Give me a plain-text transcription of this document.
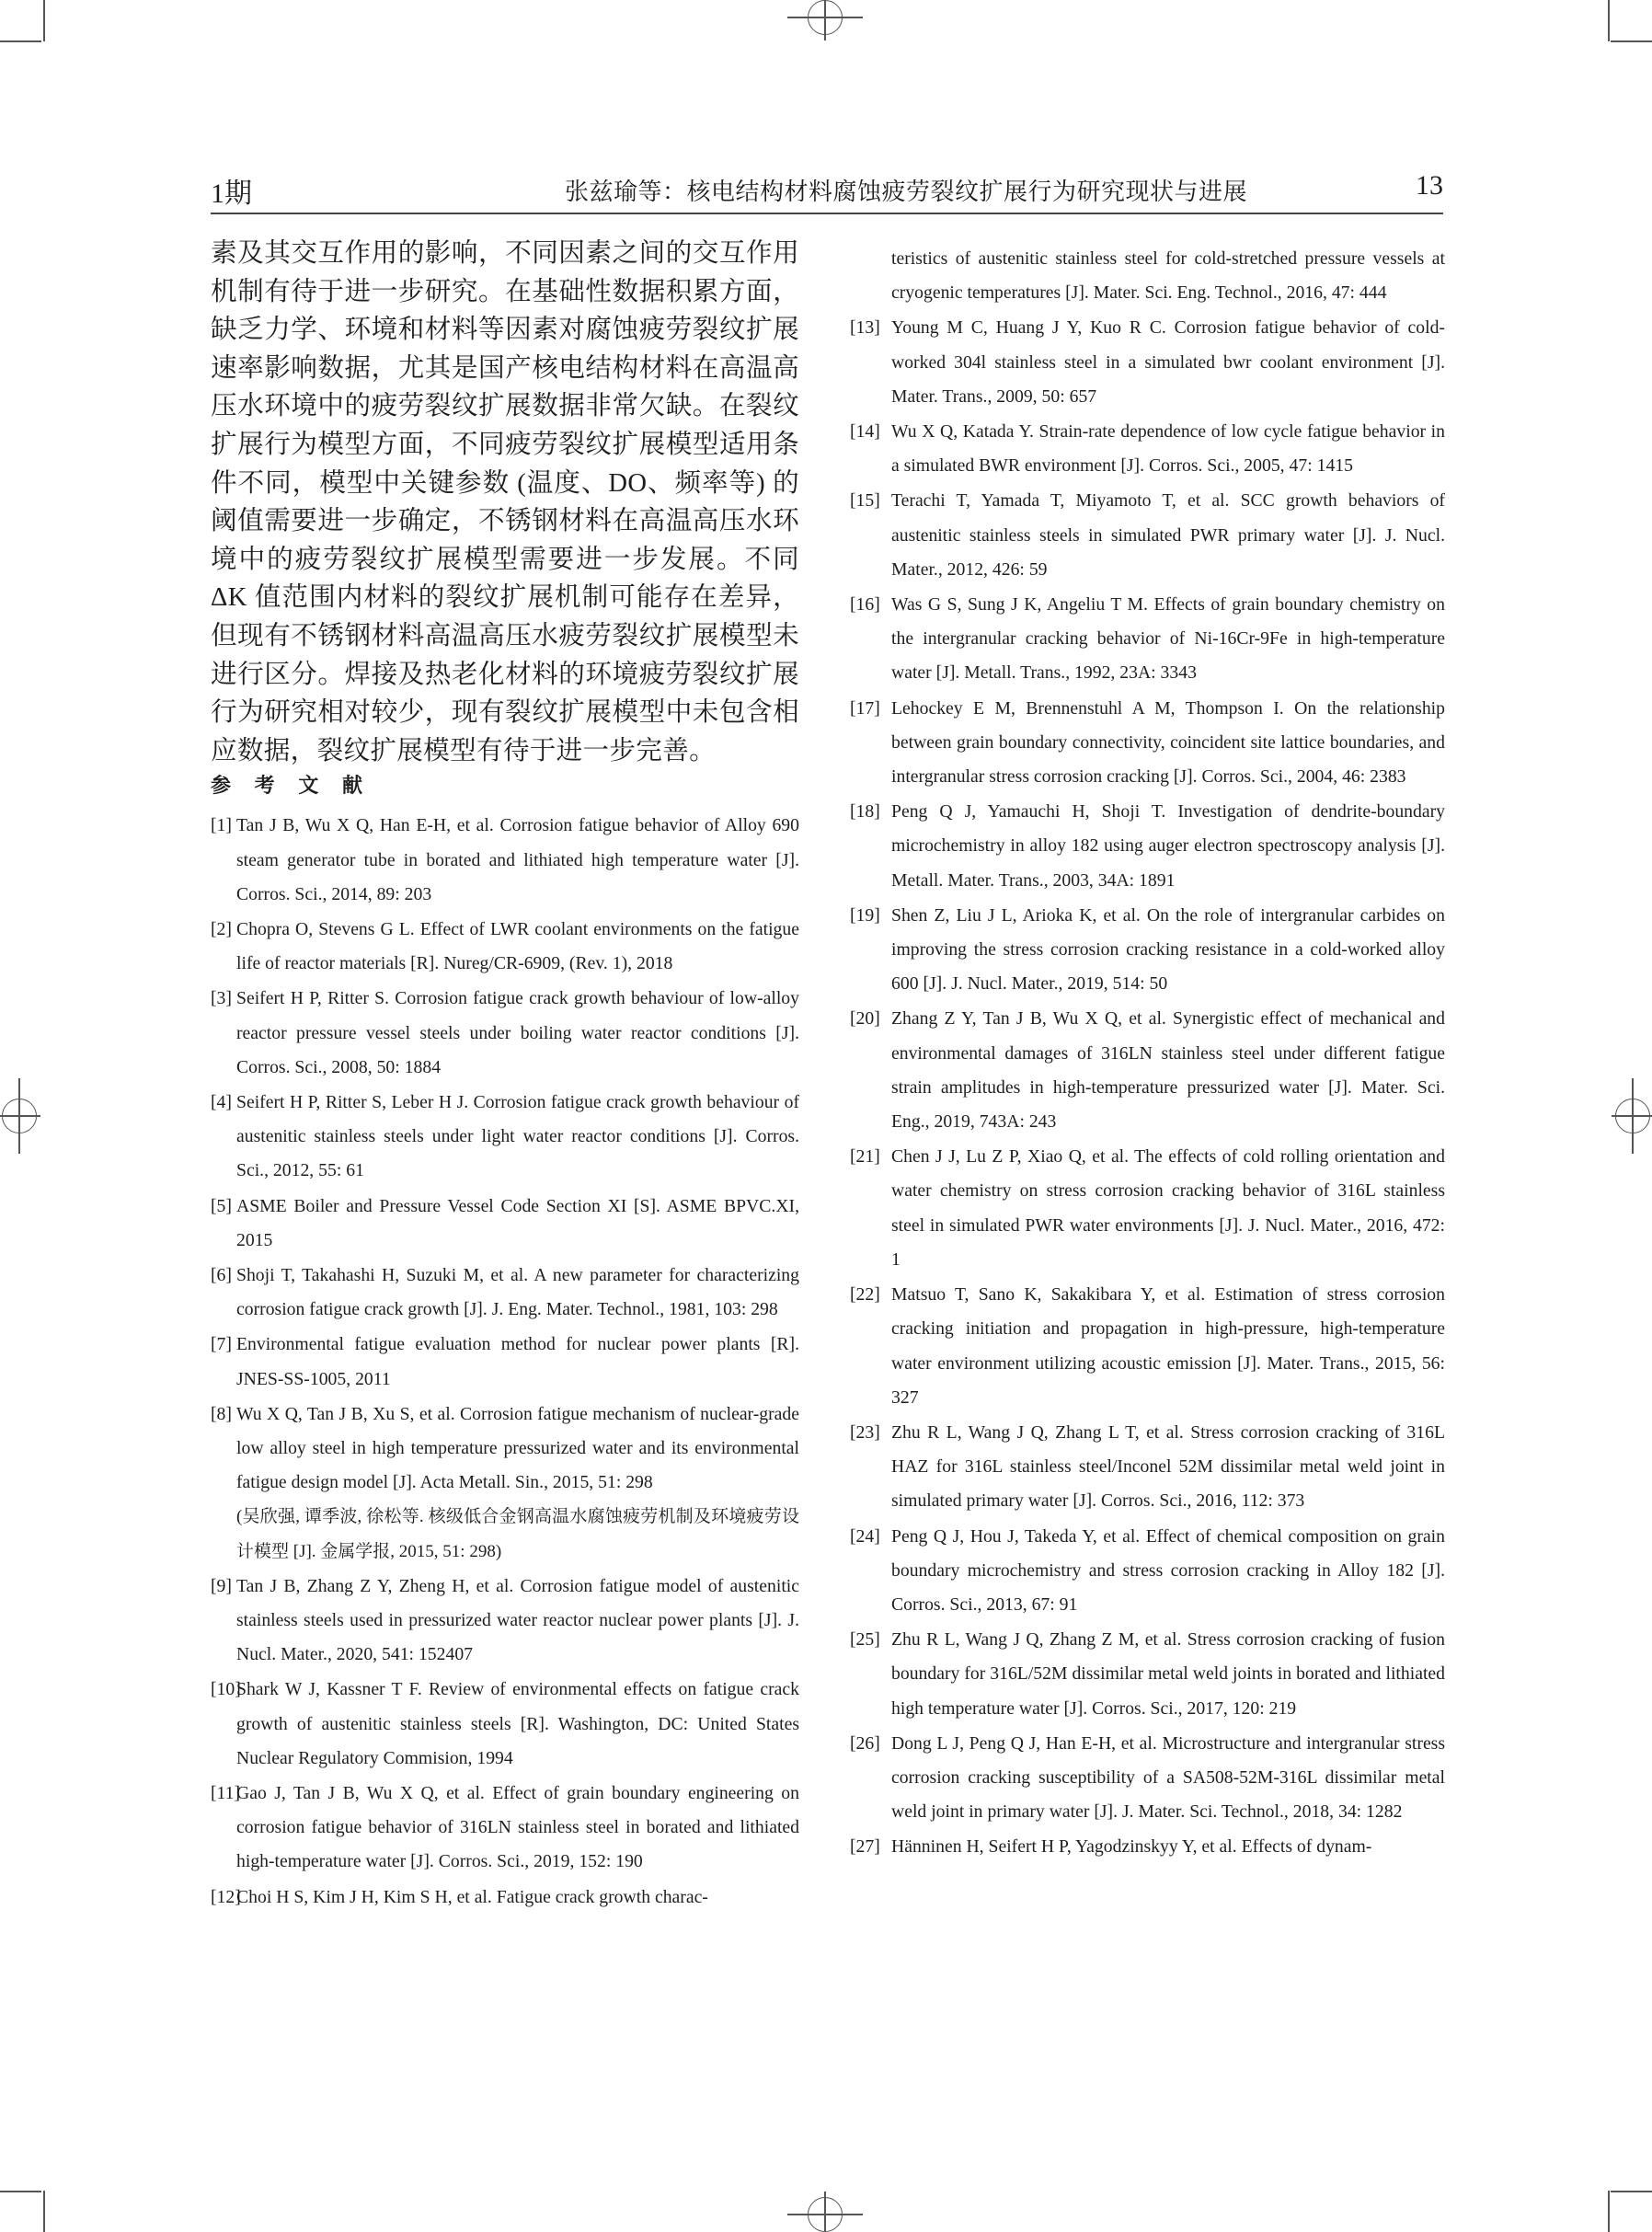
1期	张兹瑜等：核电结构材料腐蚀疲劳裂纹扩展行为研究现状与进展	13

素及其交互作用的影响，不同因素之间的交互作用机制有待于进一步研究。在基础性数据积累方面，缺乏力学、环境和材料等因素对腐蚀疲劳裂纹扩展速率影响数据，尤其是国产核电结构材料在高温高压水环境中的疲劳裂纹扩展数据非常欠缺。在裂纹扩展行为模型方面，不同疲劳裂纹扩展模型适用条件不同，模型中关键参数 (温度、DO、频率等) 的阈值需要进一步确定，不锈钢材料在高温高压水环境中的疲劳裂纹扩展模型需要进一步发展。不同 ΔK 值范围内材料的裂纹扩展机制可能存在差异，但现有不锈钢材料高温高压水疲劳裂纹扩展模型未进行区分。焊接及热老化材料的环境疲劳裂纹扩展行为研究相对较少，现有裂纹扩展模型中未包含相应数据，裂纹扩展模型有待于进一步完善。

参 考 文 献
[1] Tan J B, Wu X Q, Han E-H, et al. Corrosion fatigue behavior of Alloy 690 steam generator tube in borated and lithiated high temperature water [J]. Corros. Sci., 2014, 89: 203
[2] Chopra O, Stevens G L. Effect of LWR coolant environments on the fatigue life of reactor materials [R]. Nureg/CR-6909, (Rev. 1), 2018
[3] Seifert H P, Ritter S. Corrosion fatigue crack growth behaviour of low-alloy reactor pressure vessel steels under boiling water reactor conditions [J]. Corros. Sci., 2008, 50: 1884
[4] Seifert H P, Ritter S, Leber H J. Corrosion fatigue crack growth behaviour of austenitic stainless steels under light water reactor conditions [J]. Corros. Sci., 2012, 55: 61
[5] ASME Boiler and Pressure Vessel Code Section XI [S]. ASME BPVC.XI, 2015
[6] Shoji T, Takahashi H, Suzuki M, et al. A new parameter for characterizing corrosion fatigue crack growth [J]. J. Eng. Mater. Technol., 1981, 103: 298
[7] Environmental fatigue evaluation method for nuclear power plants [R]. JNES-SS-1005, 2011
[8] Wu X Q, Tan J B, Xu S, et al. Corrosion fatigue mechanism of nuclear-grade low alloy steel in high temperature pressurized water and its environmental fatigue design model [J]. Acta Metall. Sin., 2015, 51: 298
(吴欣强, 谭季波, 徐松等. 核级低合金钢高温水腐蚀疲劳机制及环境疲劳设计模型 [J]. 金属学报, 2015, 51: 298)
[9] Tan J B, Zhang Z Y, Zheng H, et al. Corrosion fatigue model of austenitic stainless steels used in pressurized water reactor nuclear power plants [J]. J. Nucl. Mater., 2020, 541: 152407
[10]
Shark W J, Kassner T F. Review of environmental effects on fatigue crack growth of austenitic stainless steels [R]. Washington, DC: United States Nuclear Regulatory Commision, 1994
[11]
Gao J, Tan J B, Wu X Q, et al. Effect of grain boundary engineering on corrosion fatigue behavior of 316LN stainless steel in borated and lithiated high-temperature water [J]. Corros. Sci., 2019, 152: 190
[12]
Choi H S, Kim J H, Kim S H, et al. Fatigue crack growth charac-
teristics of austenitic stainless steel for cold-stretched pressure vessels at cryogenic temperatures [J]. Mater. Sci. Eng. Technol., 2016, 47: 444
[13] Young M C, Huang J Y, Kuo R C. Corrosion fatigue behavior of cold-worked 304l stainless steel in a simulated bwr coolant environment [J]. Mater. Trans., 2009, 50: 657
[14] Wu X Q, Katada Y. Strain-rate dependence of low cycle fatigue behavior in a simulated BWR environment [J]. Corros. Sci., 2005, 47: 1415
[15] Terachi T, Yamada T, Miyamoto T, et al. SCC growth behaviors of austenitic stainless steels in simulated PWR primary water [J]. J. Nucl. Mater., 2012, 426: 59
[16] Was G S, Sung J K, Angeliu T M. Effects of grain boundary chemistry on the intergranular cracking behavior of Ni-16Cr-9Fe in high-temperature water [J]. Metall. Trans., 1992, 23A: 3343
[17] Lehockey E M, Brennenstuhl A M, Thompson I. On the relationship between grain boundary connectivity, coincident site lattice boundaries, and intergranular stress corrosion cracking [J]. Corros. Sci., 2004, 46: 2383
[18] Peng Q J, Yamauchi H, Shoji T. Investigation of dendrite-boundary microchemistry in alloy 182 using auger electron spectroscopy analysis [J]. Metall. Mater. Trans., 2003, 34A: 1891
[19] Shen Z, Liu J L, Arioka K, et al. On the role of intergranular carbides on improving the stress corrosion cracking resistance in a cold-worked alloy 600 [J]. J. Nucl. Mater., 2019, 514: 50
[20] Zhang Z Y, Tan J B, Wu X Q, et al. Synergistic effect of mechanical and environmental damages of 316LN stainless steel under different fatigue strain amplitudes in high-temperature pressurized water [J]. Mater. Sci. Eng., 2019, 743A: 243
[21] Chen J J, Lu Z P, Xiao Q, et al. The effects of cold rolling orientation and water chemistry on stress corrosion cracking behavior of 316L stainless steel in simulated PWR water environments [J]. J. Nucl. Mater., 2016, 472: 1
[22] Matsuo T, Sano K, Sakakibara Y, et al. Estimation of stress corrosion cracking initiation and propagation in high-pressure, high-temperature water environment utilizing acoustic emission [J]. Mater. Trans., 2015, 56: 327
[23] Zhu R L, Wang J Q, Zhang L T, et al. Stress corrosion cracking of 316L HAZ for 316L stainless steel/Inconel 52M dissimilar metal weld joint in simulated primary water [J]. Corros. Sci., 2016, 112: 373
[24] Peng Q J, Hou J, Takeda Y, et al. Effect of chemical composition on grain boundary microchemistry and stress corrosion cracking in Alloy 182 [J]. Corros. Sci., 2013, 67: 91
[25] Zhu R L, Wang J Q, Zhang Z M, et al. Stress corrosion cracking of fusion boundary for 316L/52M dissimilar metal weld joints in borated and lithiated high temperature water [J]. Corros. Sci., 2017, 120: 219
[26] Dong L J, Peng Q J, Han E-H, et al. Microstructure and intergranular stress corrosion cracking susceptibility of a SA508-52M-316L dissimilar metal weld joint in primary water [J]. J. Mater. Sci. Technol., 2018, 34: 1282
[27] Hänninen H, Seifert H P, Yagodzinskyy Y, et al. Effects of dynam-
